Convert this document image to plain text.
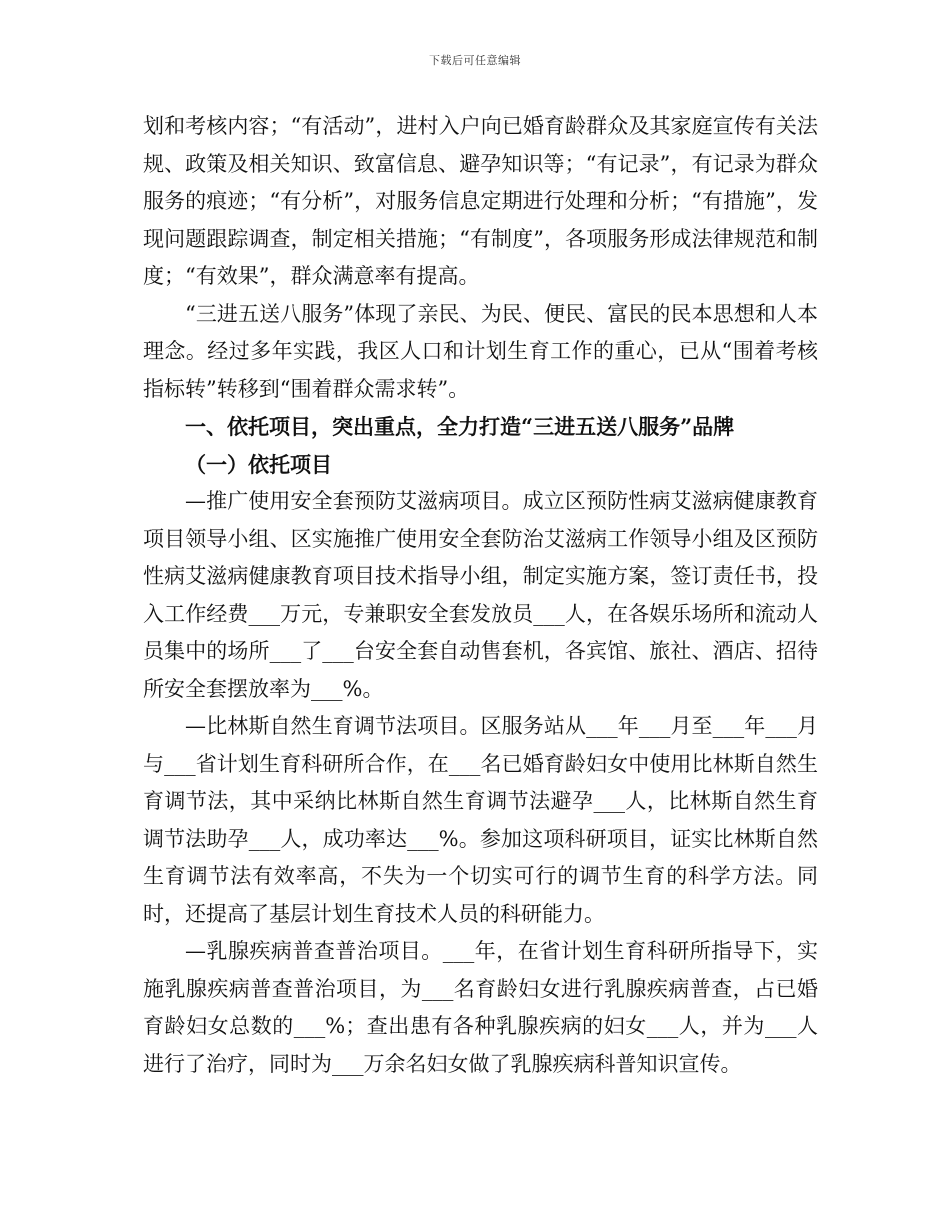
下载后可任意编辑

划和考核内容；“有活动”，进村入户向已婚育龄群众及其家庭宣传有关法规、政策及相关知识、致富信息、避孕知识等；“有记录”，有记录为群众服务的痕迹；“有分析”，对服务信息定期进行处理和分析；“有措施”，发现问题跟踪调查，制定相关措施；“有制度”，各项服务形成法律规范和制度；“有效果”，群众满意率有提高。

“三进五送八服务”体现了亲民、为民、便民、富民的民本思想和人本理念。经过多年实践，我区人口和计划生育工作的重心，已从“围着考核指标转”转移到“围着群众需求转”。

一、依托项目，突出重点，全力打造“三进五送八服务”品牌

（一）依托项目

—推广使用安全套预防艾滋病项目。成立区预防性病艾滋病健康教育项目领导小组、区实施推广使用安全套防治艾滋病工作领导小组及区预防性病艾滋病健康教育项目技术指导小组，制定实施方案，签订责任书，投入工作经费___万元，专兼职安全套发放员___人，在各娱乐场所和流动人员集中的场所___了___台安全套自动售套机，各宾馆、旅社、酒店、招待所安全套摆放率为___%。

—比林斯自然生育调节法项目。区服务站从___年___月至___年___月与___省计划生育科研所合作，在___名已婚育龄妇女中使用比林斯自然生育调节法，其中采纳比林斯自然生育调节法避孕___人，比林斯自然生育调节法助孕___人，成功率达___%。参加这项科研项目，证实比林斯自然生育调节法有效率高，不失为一个切实可行的调节生育的科学方法。同时，还提高了基层计划生育技术人员的科研能力。

—乳腺疾病普查普治项目。___年，在省计划生育科研所指导下，实施乳腺疾病普查普治项目，为___名育龄妇女进行乳腺疾病普查，占已婚育龄妇女总数的___%；查出患有各种乳腺疾病的妇女___人，并为___人进行了治疗，同时为___万余名妇女做了乳腺疾病科普知识宣传。
